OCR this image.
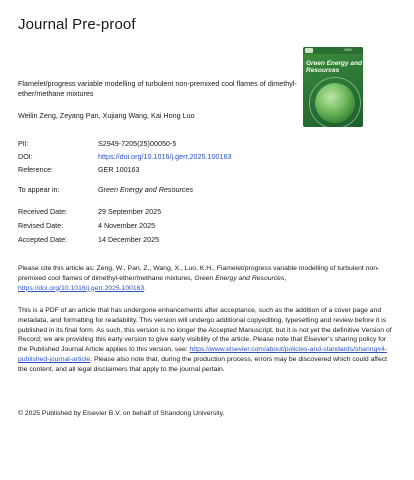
Journal Pre-proof
GEN
Green Energy and Resources

Flamelet/progress variable modelling of turbulent non-premixed cool flames of dimethyl-ether/methane mixtures

Weilin Zeng, Zeyang Pan, Xujiang Wang, Kai Hong Luo
PII:	S2949-7205(25)00050-5
DOI:	https://doi.org/10.1016/j.gerr.2025.100163
Reference:	GER 100163
To appear in:	Green Energy and Resources
Received Date:	29 September 2025
Revised Date:	4 November 2025
Accepted Date:	14 December 2025

Please cite this article as: Zeng, W., Pan, Z., Wang, X., Luo, K.H., Flamelet/progress variable modelling of turbulent non-premixed cool flames of dimethyl-ether/methane mixtures, Green Energy and Resources, https://doi.org/10.1016/j.gerr.2025.100163.

This is a PDF of an article that has undergone enhancements after acceptance, such as the addition of a cover page and metadata, and formatting for readability. This version will undergo additional copyediting, typesetting and review before it is published in its final form. As such, this version is no longer the Accepted Manuscript, but it is not yet the definitive Version of Record; we are providing this early version to give early visibility of the article. Please note that Elsevier's sharing policy for the Published Journal Article applies to this version, see: https://www.elsevier.com/about/policies-and-standards/sharing#4-published-journal-article. Please also note that, during the production process, errors may be discovered which could affect the content, and all legal disclaimers that apply to the journal pertain.

© 2025 Published by Elsevier B.V. on behalf of Shandong University.
